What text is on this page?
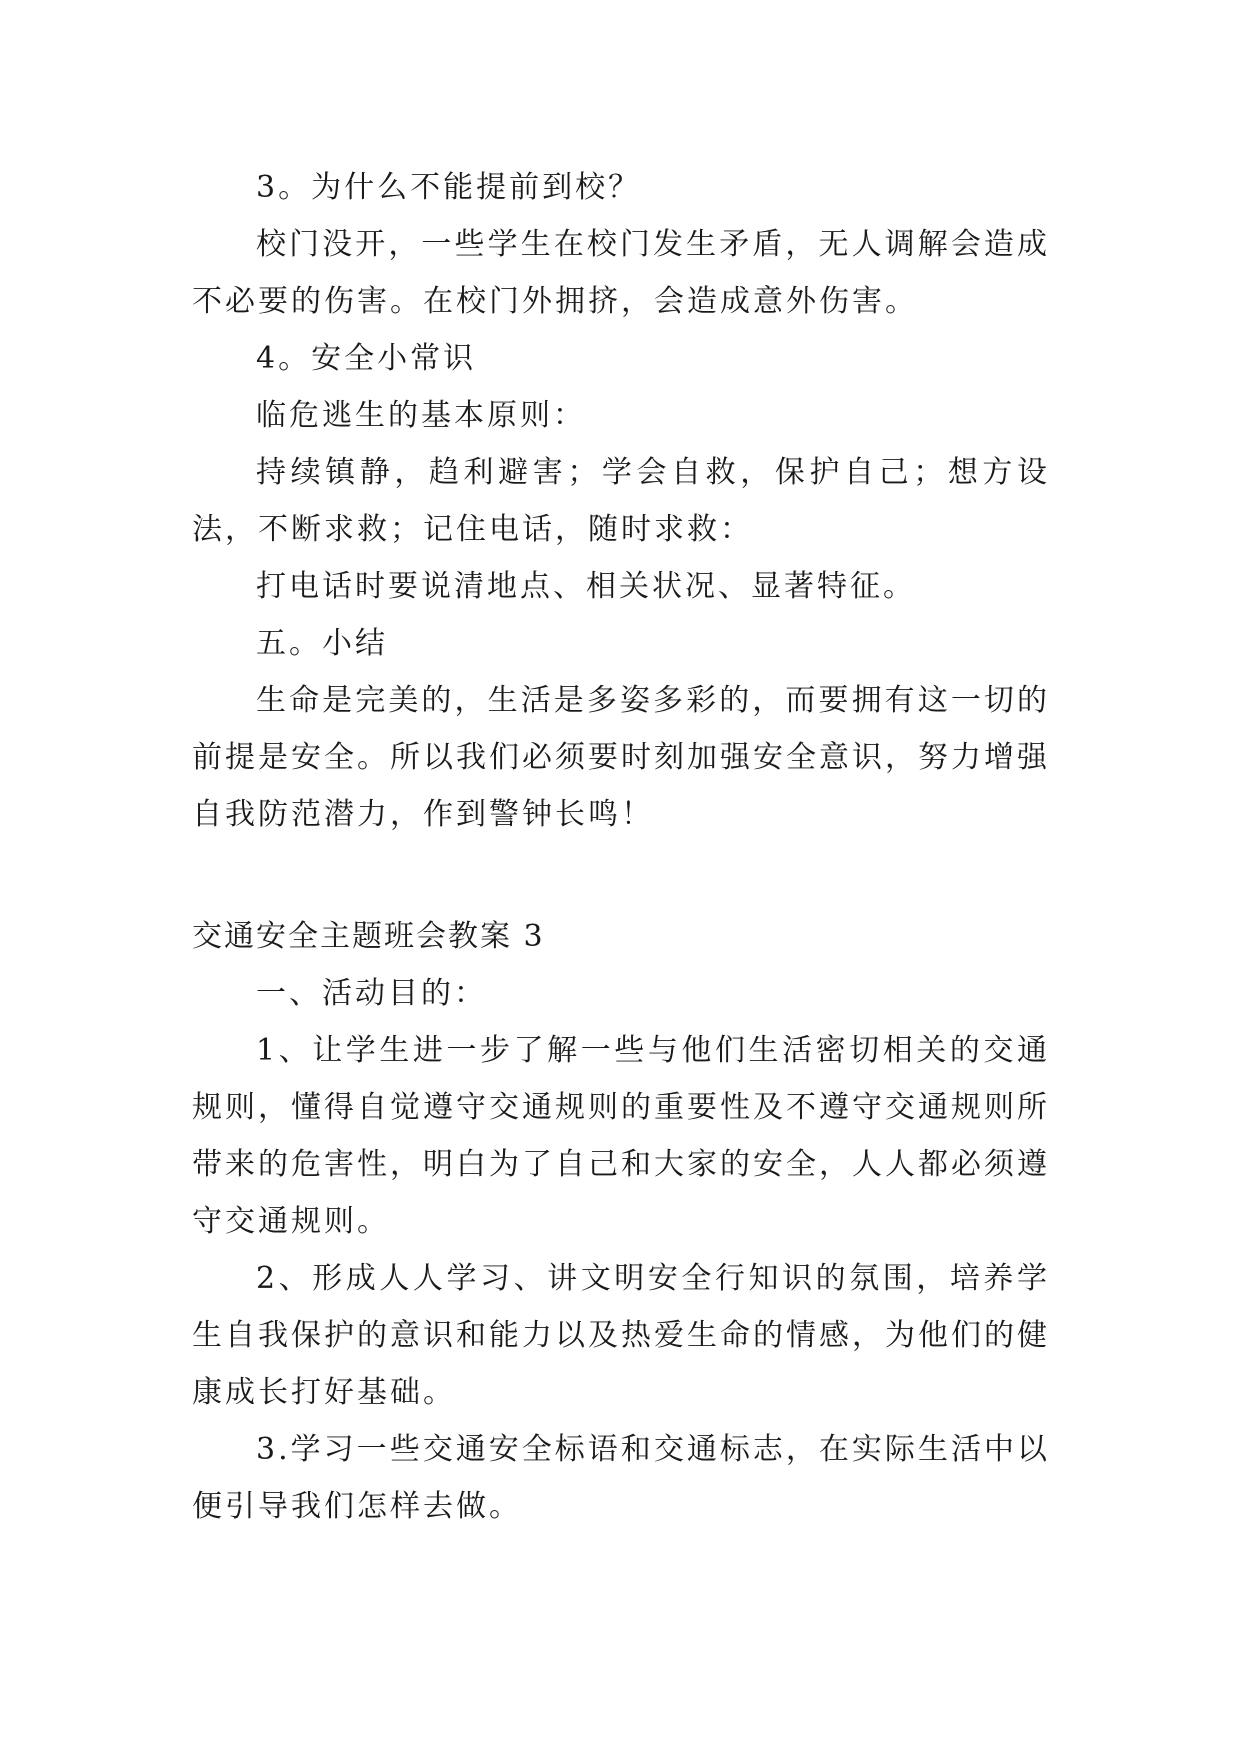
3。为什么不能提前到校？

校门没开，一些学生在校门发生矛盾，无人调解会造成不必要的伤害。在校门外拥挤，会造成意外伤害。

4。安全小常识

临危逃生的基本原则：

持续镇静，趋利避害；学会自救，保护自己；想方设法，不断求救；记住电话，随时求救：

打电话时要说清地点、相关状况、显著特征。

五。小结

生命是完美的，生活是多姿多彩的，而要拥有这一切的前提是安全。所以我们必须要时刻加强安全意识，努力增强自我防范潜力，作到警钟长鸣！

交通安全主题班会教案 3

一、活动目的：

1、让学生进一步了解一些与他们生活密切相关的交通规则，懂得自觉遵守交通规则的重要性及不遵守交通规则所带来的危害性，明白为了自己和大家的安全，人人都必须遵守交通规则。

2、形成人人学习、讲文明安全行知识的氛围，培养学生自我保护的意识和能力以及热爱生命的情感，为他们的健康成长打好基础。

3.学习一些交通安全标语和交通标志，在实际生活中以便引导我们怎样去做。
